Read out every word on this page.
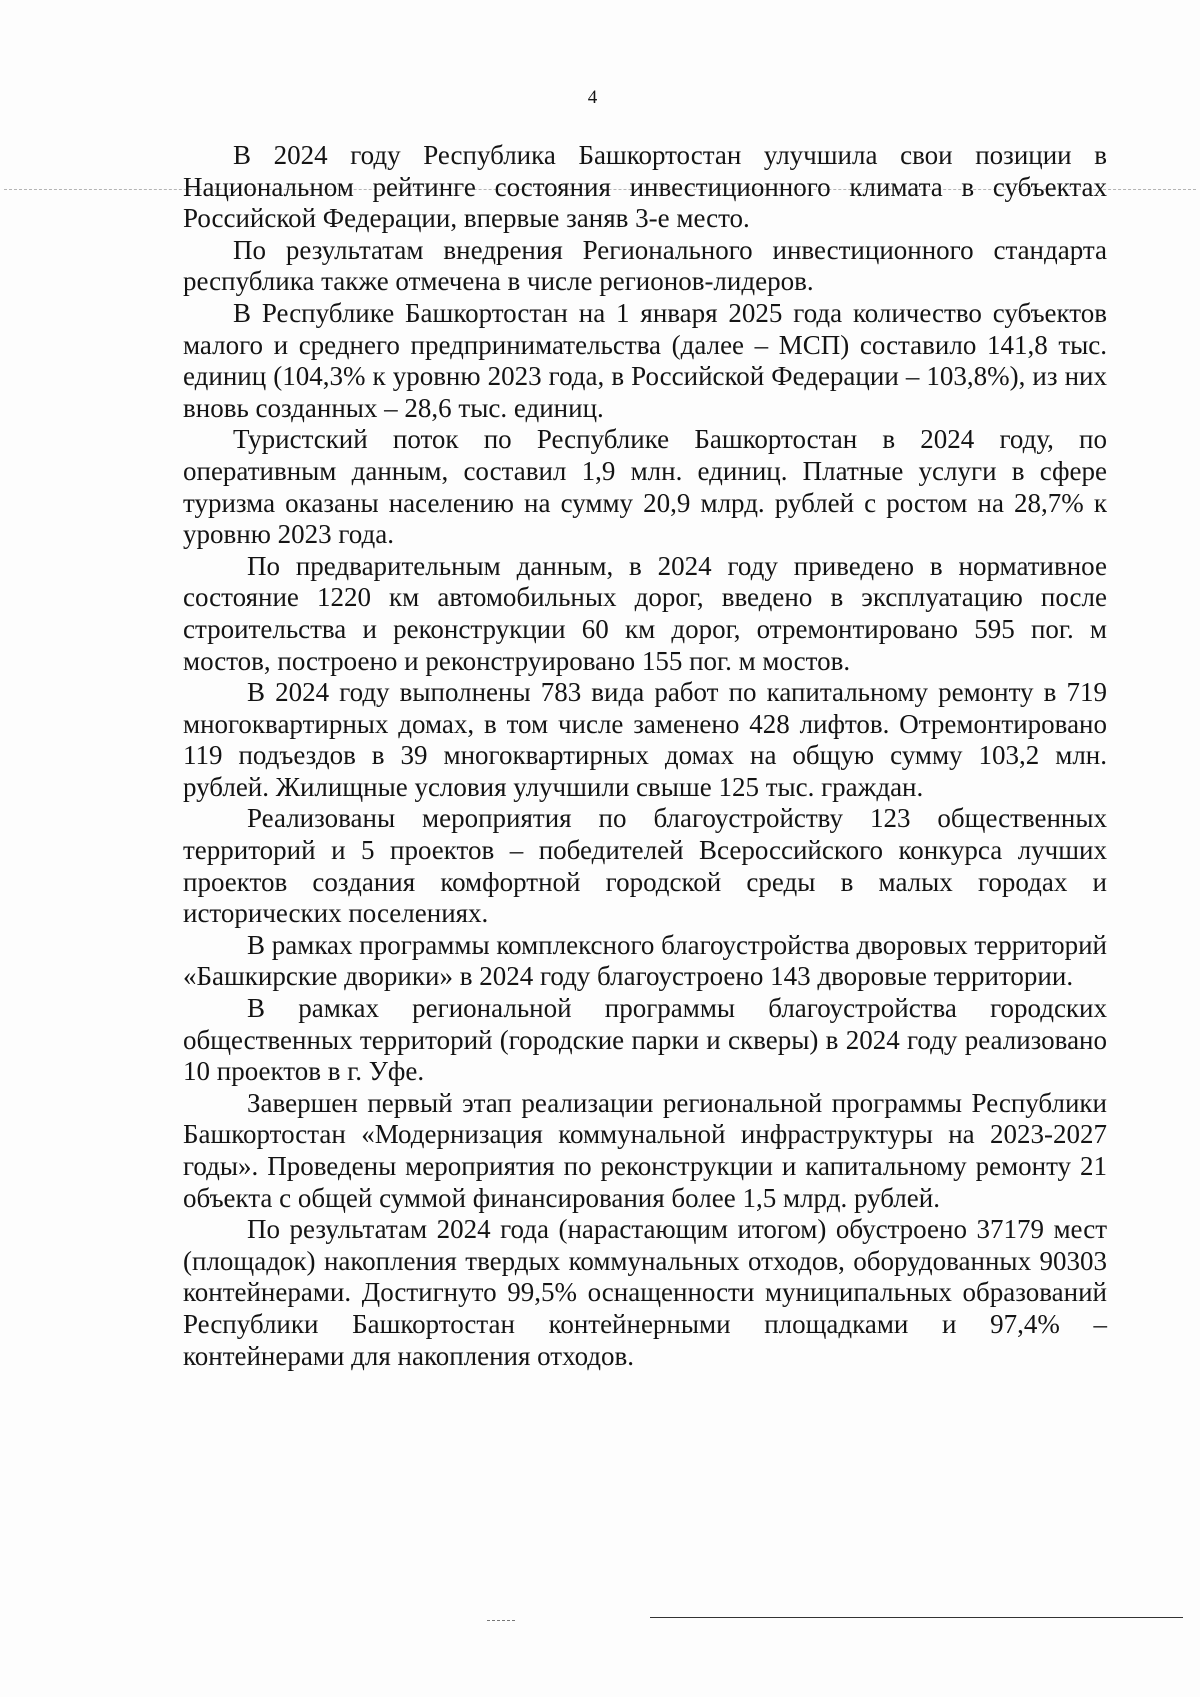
4

В 2024 году Республика Башкортостан улучшила свои позиции в Национальном рейтинге состояния инвестиционного климата в субъектах Российской Федерации, впервые заняв 3-е место.

По результатам внедрения Регионального инвестиционного стандарта республика также отмечена в числе регионов-лидеров.

В Республике Башкортостан на 1 января 2025 года количество субъектов малого и среднего предпринимательства (далее – МСП) составило 141,8 тыс. единиц (104,3% к уровню 2023 года, в Российской Федерации – 103,8%), из них вновь созданных – 28,6 тыс. единиц.

Туристский поток по Республике Башкортостан в 2024 году, по оперативным данным, составил 1,9 млн. единиц. Платные услуги в сфере туризма оказаны населению на сумму 20,9 млрд. рублей с ростом на 28,7% к уровню 2023 года.

По предварительным данным, в 2024 году приведено в нормативное состояние 1220 км автомобильных дорог, введено в эксплуатацию после строительства и реконструкции 60 км дорог, отремонтировано 595 пог. м мостов, построено и реконструировано 155 пог. м мостов.

В 2024 году выполнены 783 вида работ по капитальному ремонту в 719 многоквартирных домах, в том числе заменено 428 лифтов. Отремонтировано 119 подъездов в 39 многоквартирных домах на общую сумму 103,2 млн. рублей. Жилищные условия улучшили свыше 125 тыс. граждан.

Реализованы мероприятия по благоустройству 123 общественных территорий и 5 проектов – победителей Всероссийского конкурса лучших проектов создания комфортной городской среды в малых городах и исторических поселениях.

В рамках программы комплексного благоустройства дворовых территорий «Башкирские дворики» в 2024 году благоустроено 143 дворовые территории.

В рамках региональной программы благоустройства городских общественных территорий (городские парки и скверы) в 2024 году реализовано 10 проектов в г. Уфе.

Завершен первый этап реализации региональной программы Республики Башкортостан «Модернизация коммунальной инфраструктуры на 2023-2027 годы». Проведены мероприятия по реконструкции и капитальному ремонту 21 объекта с общей суммой финансирования более 1,5 млрд. рублей.

По результатам 2024 года (нарастающим итогом) обустроено 37179 мест (площадок) накопления твердых коммунальных отходов, оборудованных 90303 контейнерами. Достигнуто 99,5% оснащенности муниципальных образований Республики Башкортостан контейнерными площадками и 97,4% – контейнерами для накопления отходов.
